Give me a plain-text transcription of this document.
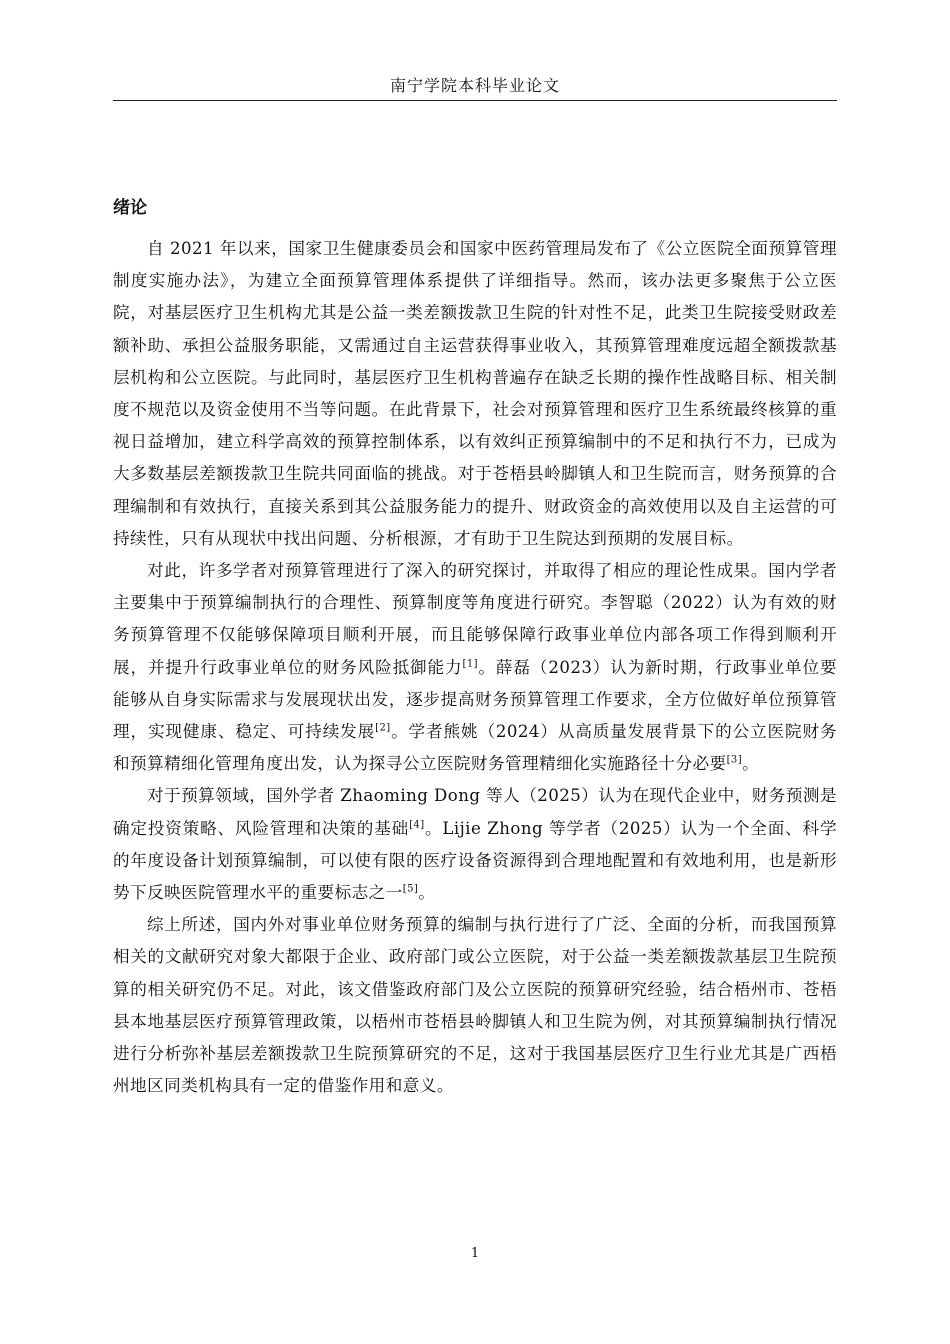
南宁学院本科毕业论文
绪论

自 2021 年以来，国家卫生健康委员会和国家中医药管理局发布了《公立医院全面预算管理制度实施办法》，为建立全面预算管理体系提供了详细指导。然而，该办法更多聚焦于公立医院，对基层医疗卫生机构尤其是公益一类差额拨款卫生院的针对性不足，此类卫生院接受财政差额补助、承担公益服务职能，又需通过自主运营获得事业收入，其预算管理难度远超全额拨款基层机构和公立医院。与此同时，基层医疗卫生机构普遍存在缺乏长期的操作性战略目标、相关制度不规范以及资金使用不当等问题。在此背景下，社会对预算管理和医疗卫生系统最终核算的重视日益增加，建立科学高效的预算控制体系，以有效纠正预算编制中的不足和执行不力，已成为大多数基层差额拨款卫生院共同面临的挑战。对于苍梧县岭脚镇人和卫生院而言，财务预算的合理编制和有效执行，直接关系到其公益服务能力的提升、财政资金的高效使用以及自主运营的可持续性，只有从现状中找出问题、分析根源，才有助于卫生院达到预期的发展目标。

对此，许多学者对预算管理进行了深入的研究探讨，并取得了相应的理论性成果。国内学者主要集中于预算编制执行的合理性、预算制度等角度进行研究。李智聪（2022）认为有效的财务预算管理不仅能够保障项目顺利开展，而且能够保障行政事业单位内部各项工作得到顺利开展，并提升行政事业单位的财务风险抵御能力[1]。薛磊（2023）认为新时期，行政事业单位要能够从自身实际需求与发展现状出发，逐步提高财务预算管理工作要求，全方位做好单位预算管理，实现健康、稳定、可持续发展[2]。学者熊姚（2024）从高质量发展背景下的公立医院财务和预算精细化管理角度出发，认为探寻公立医院财务管理精细化实施路径十分必要[3]。

对于预算领域，国外学者 Zhaoming Dong 等人（2025）认为在现代企业中，财务预测是确定投资策略、风险管理和决策的基础[4]。Lijie Zhong 等学者（2025）认为一个全面、科学的年度设备计划预算编制，可以使有限的医疗设备资源得到合理地配置和有效地利用，也是新形势下反映医院管理水平的重要标志之一[5]。

综上所述，国内外对事业单位财务预算的编制与执行进行了广泛、全面的分析，而我国预算相关的文献研究对象大都限于企业、政府部门或公立医院，对于公益一类差额拨款基层卫生院预算的相关研究仍不足。对此，该文借鉴政府部门及公立医院的预算研究经验，结合梧州市、苍梧县本地基层医疗预算管理政策，以梧州市苍梧县岭脚镇人和卫生院为例，对其预算编制执行情况进行分析弥补基层差额拨款卫生院预算研究的不足，这对于我国基层医疗卫生行业尤其是广西梧州地区同类机构具有一定的借鉴作用和意义。

1
